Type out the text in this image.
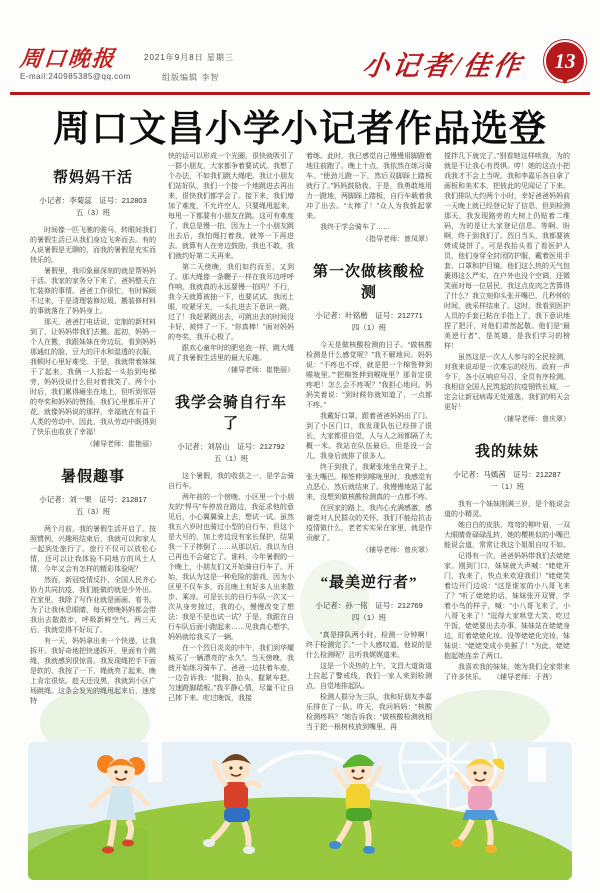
周口晚报	2021年9月8日 星期三
E-mail:240985385@qq.com	组版编辑 李智	小记者/佳作	13
周口文昌小学小记者作品选登
帮妈妈干活
小记者：李菊蕊　证号：212803
五（3）班

时间像一匹飞驰的骏马，转眼间我们的暑假生活已从我们身边飞奔而去。有的人说暑假是无聊的，而我的暑假是充实而快乐的。

暑假里，我印象最深刻的就是帮妈妈干活。我家的家务分下来了，爸妈整天在忙装修的事情。爸爸工作很忙，有时候顾不过来，于是清理装修垃圾、搬装修材料的事就落在了妈妈身上。

那天，爸爸打电话说，定制的新材料到了，让妈妈带我们去搬。起初，妈妈一个人在搬，我跟妹妹在旁边玩，看到妈妈那通红的脸、豆大的汗水和湿透的衣服，我顿时心里好难受。于是，我就带着妹妹干了起来，我俩一人抬起一头抬到电梯旁，妈妈没说什么但对着我笑了。两个小时后，我们累得瘫坐在地上，但听到邻居的夸奖和妈妈的赞扬，我们心里都乐开了花。就像妈妈说的那样，幸福就在有益于人类的劳动中。因此，我从劳动中既得到了快乐也收获了幸福！

（辅导老师：崔艳丽）
暑假趣事
小记者：刘一果　证号：212817
五（3）班

两个月前，我的暑假生活开启了。按照惯例，兴趣班结束后，我就可以和家人一起到处旅行了。旅行不仅可以放松心情，还可以让我体验不同地方的风土人情，今年又会有怎样的精彩体验呢？

然而，新冠疫情反扑，全国人民齐心协力共同抗疫，我们能做的就是少外出。在家里，我除了写作业就是画画、看书。为了让我休息眼睛，每天傍晚妈妈都会带我出去散散步，呼吸新鲜空气。两三天后，我就觉得不好玩了。

有一天，妈妈拿出来一个快递，让我拆开。我好奇地把快递拆开，里面有个跳绳，我就感到很惊喜。我发现绳把手下面是软的，我按了一下，绳就亮了起来，晚上肯定很炫。趁天还没黑，我就到小区广场跳绳。这条会发光的绳甩起来后，速度特

快的话可以形成一个光圈，很快就吸引了一群小朋友，大家都争着要试试。我想了个办法，不如我们跳大绳吧。我让小朋友们站好队，我们一个接一个地跳进去再出来，很快我们都学会了。接下来，我们增加了难度，不允许空人，只要绳甩起来，每甩一下都要有小朋友在跳。这可有难度了，我总是慢一拍，因为上一个小朋友跳出去后，我怕绳打着我，就等一下再进去。就算有人在旁边鼓励，我也不敢，我们就约好第二天再来。

第二天傍晚，我们如约而至，又到了。那大绳像一条鞭子一样在我耳边呼呼作响，我就真的永远要慢一拍吗？不行，我今天就算被抽一下，也要试试。我闭上眼，咬紧牙关，一头扎进去下意识一跳，过了！我赶紧跳出去，可跳出去的时间没卡好，被绊了一下。“你真棒！”面对妈妈的夸奖，我开心极了。

跟欢心童年时的肥皂泡一样，跳大绳成了我暑假生活里的最大乐趣。

（辅导老师：崔艳丽）
我学会骑自行车了
小记者：刘居山　证号：212792
五（1）班

这个暑假，我的收获之一，是学会骑自行车。

两年前的一个傍晚，小区里一个小朋友的“悍马”车停放在路边，我征求他的意见后，小心翼翼骑上去，想试一试。虽然我五六岁时也骑过小型的自行车，但这个是大号的，加上旁边没有家长保护，结果我一下子摔倒了……从那以后，我以为自己再也不会碰它了。谁料，今年暑假的一个晚上，小朋友们又开始骑自行车了。开始，我认为这是一种危险的游戏，因为小区里不仅车多，而且晚上有好多人出来散步、乘凉。可是长长的自行车队一次又一次从身旁掠过，我的心，慢慢改变了想法：我是不是也试一试？于是，我跟在自行车队后面小跑起来……见我真心想学，妈妈就给我买了一辆。

在一个烈日炎炎的中午，我们到华耀城买了一辆漂亮的“永久”。当天傍晚，我就开始练习骑车了。爸爸一边扶着车座，一边告诉我：“挺胸、抬头、握紧车把，匀速蹬脚踏板。”我平静心情，尽量不让自己摔下来。吃过晚饭，我接

着练。此时，我已感觉自己慢慢用脚蹬着地往前跑了。晚上十点，我依然在练习骑车。“使劲儿蹬一下，然后双脚踩上踏板就行了。”妈妈鼓励我。于是，我勇敢地用力一蹬地，两脚踩上踏板，自行车载着我冲了出去。“太棒了！”众人为我鼓起掌来。

我终于学会骑车了……

（指导老师：曾凤翠）
第一次做核酸检测
小记者：叶铭楷　证号：212771
四（1）班

今天是做核酸检测的日子。“做核酸检测是什么感觉呢？”我不解地问。妈妈说：“不疼也不痒，就是把一个棉签伸到喉咙里。”“把棉签伸到喉咙里？那肯定很疼吧！怎么会不疼呢？”我担心地问。妈妈笑着说：“到时候你就知道了，一点都不疼。”

我戴好口罩，跟着爸爸妈妈出了门。到了小区门口，我发现队伍已经排了很长，大家都很自觉，人与人之间都隔了大概一米。我站在队伍最后，但是没一会儿，我身后就排了很多人。

终于到我了，我紧张地坐在凳子上，张大嘴巴。棉签伸到喉咙里时，我感觉有点恶心，然后就结束了。我慢慢地站了起来，没想到做核酸检测真的一点都不疼。

在回家的路上，我内心充满感激，感谢党对人民群众的关怀。我们不能给抗击疫情做什么，老老实实呆在家里，就是作贡献了。

（辅导老师：曾庆翠）
“最美逆行者”
小记者：孙一铭　证号：212769
四（1）班

“真是排队两小时，检测一分钟啊！终于检测完了。”一个人感叹道。他说的是什么检测呢？且听我娓娓道来。

这是一个炎热的上午，文昌大道街道上拉起了警戒线，我们一家人来到检测点，自觉地排起队。

检测人群分为三队，我和好朋友李嘉乐排在了一队。昨天，我问妈妈：“核酸检测疼吗？”她告诉我：“做核酸检测就相当于把一根树枝放到嘴里，再

搅拌几下就完了。”别看她这样哄我，为的就是不让我心有畏惧。哼！她的这点小把戏我才不会上当呢。我和李嘉乐各自拿了画板和美术本，把彼此的见闻记了下来。我们排队大约两个小时，幸好爸爸妈妈前一天晚上就已经登记好了信息，但到检测那天，我发现路旁的大树上仍贴着二维码，为的是让大家登记信息。等啊、盼啊，终于到我们了。烈日当头，我都要被烤成烧饼了。可是我抬头看了看医护人员，他们身穿全封闭防护服，戴着医用手套、口罩和护目镜。他们这么热的天气包裹得这么严实，在户外也没个空调，还微笑面对每一位居民，我这点皮肉之苦算得了什么？我立刻仰头张开嘴巴，几秒钟的时间，就采样结束了。这时，我看到医护人员的手套已粘在手指上了，我下意识地捏了把汗，对他们肃然起敬。他们是“最美逆行者”，是英雄，是我们学习的榜样！

虽然这是一次人人参与的全民检测，对我来说却是一次难忘的经历。政府一声令下，各小区响应号召，全员有序检测。我相信全国人民筑起的抗疫钢铁长城，一定会让新冠病毒无处遁逃，我们的明天会更好！

（辅导老师：曾庆翠）
我的妹妹
小记者：马嫣茜　证号：212287
一（1）班

我有一个妹妹刚满三岁，是个能说会道的小精灵。

她白白的皮肤，弯弯的柳叶眉，一双大眼睛骨碌碌乱转，她的樱桃似的小嘴巴能说会道，常常让我这个姐姐自叹不如。

记得有一次，爸爸妈妈带我们去姥姥家。刚到门口，妹妹就大声喊：“姥姥开门，我来了，快点来欢迎我们！”姥姥笑着边开门边说：“这是谁家的小八哥飞来了？”听了姥姥的话，妹妹张开双臂，学着小鸟的样子，喊：“小八哥飞来了，小八哥飞来了！”逗得大家哄堂大笑。吃过午饭，姥姥要出去办事，妹妹站在姥姥身边，盯着姥姥化妆。没等姥姥化完妆，妹妹说：“姥姥变成小美猴了！”为此，姥姥抱起她连亲了两口。

我喜欢我的妹妹，她为我们全家带来了许多快乐。　　（辅导老师：于茜）
